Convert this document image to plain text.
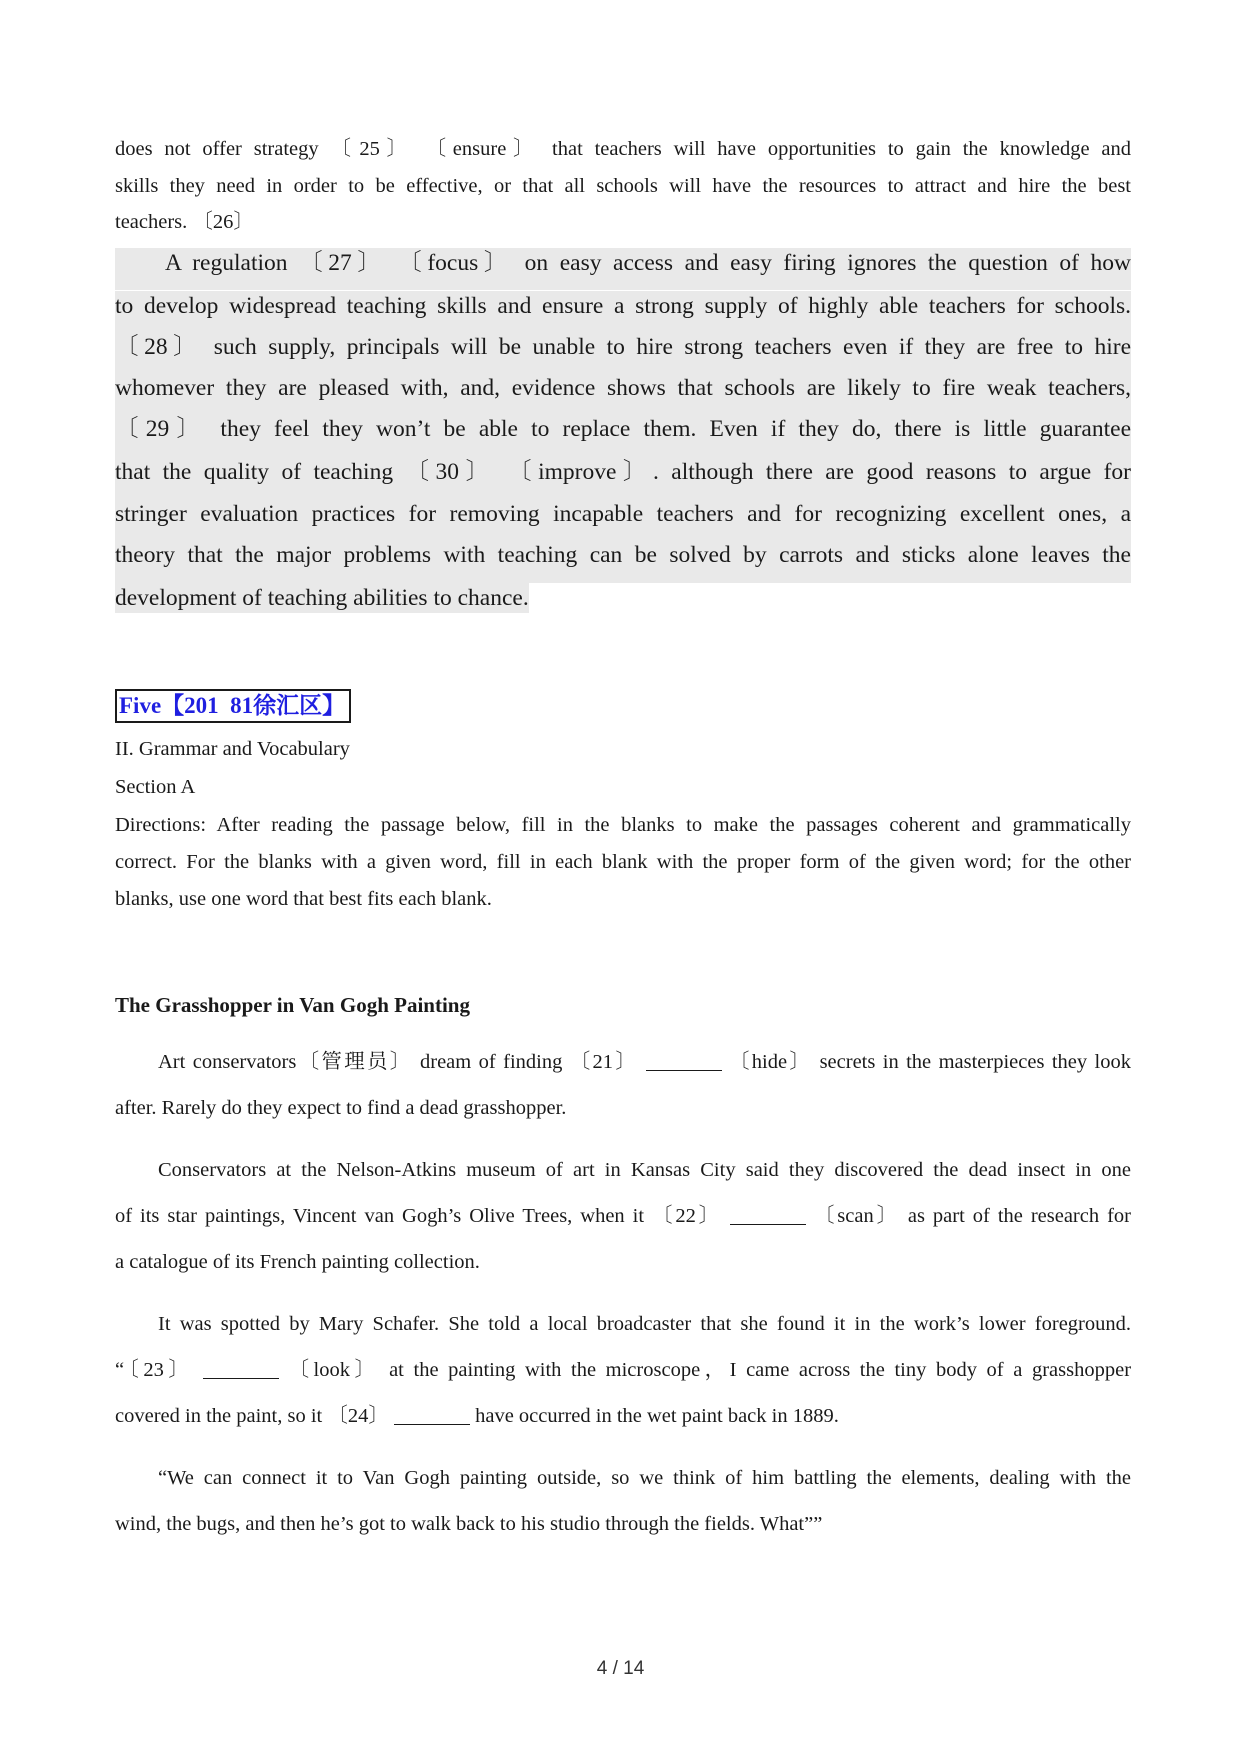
does not offer strategy 〔 25〕 〔ensure〕 that teachers will have opportunities to gain the knowledge and
skills they need in order to be effective, or that all schools will have the resources to attract and hire the best
teachers. 〔26〕
A regulation 〔27〕 〔focus〕 on easy access and easy firing ignores the question of how
to develop widespread teaching skills and ensure a strong supply of highly able teachers for schools.
〔28〕 such supply, principals will be unable to hire strong teachers even if they are free to hire
whomever they are pleased with, and, evidence shows that schools are likely to fire weak teachers,
〔29〕 they feel they won’t be able to replace them. Even if they do, there is little guarantee
that the quality of teaching 〔30〕 〔improve〕. although there are good reasons to argue for
stringer evaluation practices for removing incapable teachers and for recognizing excellent ones, a
theory that the major problems with teaching can be solved by carrots and sticks alone leaves the
development of teaching abilities to chance.
Five【201 81徐汇区】
II. Grammar and Vocabulary
Section A
Directions: After reading the passage below, fill in the blanks to make the passages coherent and grammatically
correct. For the blanks with a given word, fill in each blank with the proper form of the given word; for the other
blanks, use one word that best fits each blank.
The Grasshopper in Van Gogh Painting
Art conservators〔管理员〕 dream of finding 〔21〕	〔hide〕 secrets in the masterpieces they look
after. Rarely do they expect to find a dead grasshopper.
Conservators at the Nelson-Atkins museum of art in Kansas City said they discovered the dead insect in one
of its star paintings, Vincent van Gogh’s Olive Trees, when it 〔22〕	〔scan〕 as part of the research for
a catalogue of its French painting collection.
It was spotted by Mary Schafer. She told a local broadcaster that she found it in the work’s lower foreground.
“〔23〕	〔look〕 at the painting with the microscope，I came across the tiny body of a grasshopper
covered in the paint, so it 〔24〕	have occurred in the wet paint back in 1889.
“We can connect it to Van Gogh painting outside, so we think of him battling the elements, dealing with the
wind, the bugs, and then he’s got to walk back to his studio through the fields. What””
4 / 14
